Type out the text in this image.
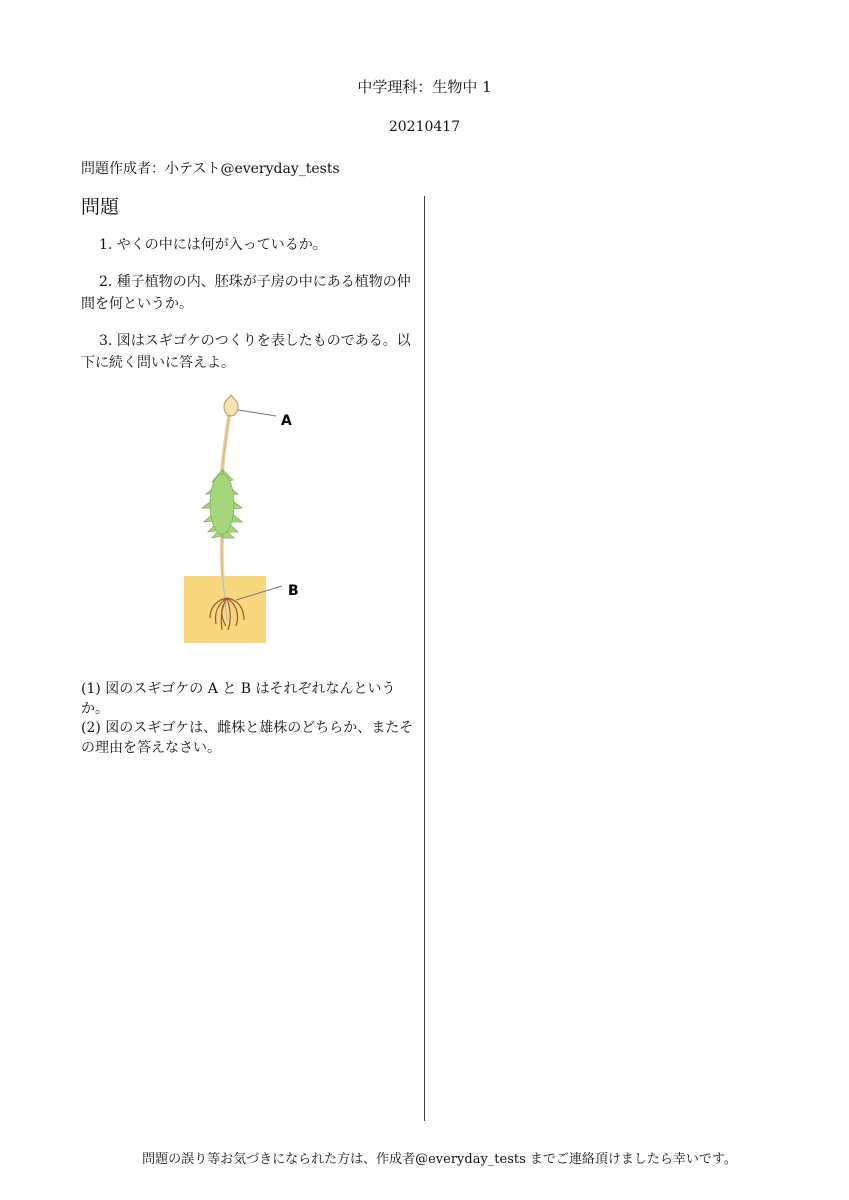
中学理科：生物中 1
20210417
問題作成者：小テスト@everyday_tests
問題
1. やくの中には何が入っているか。
2. 種子植物の内、胚珠が子房の中にある植物の仲間を何というか。
3. 図はスギゴケのつくりを表したものである。以下に続く問いに答えよ。
A
B
(1) 図のスギゴケの A と B はそれぞれなんというか。
(2) 図のスギゴケは、雌株と雄株のどちらか、またその理由を答えなさい。
問題の誤り等お気づきになられた方は、作成者@everyday_tests までご連絡頂けましたら幸いです。
